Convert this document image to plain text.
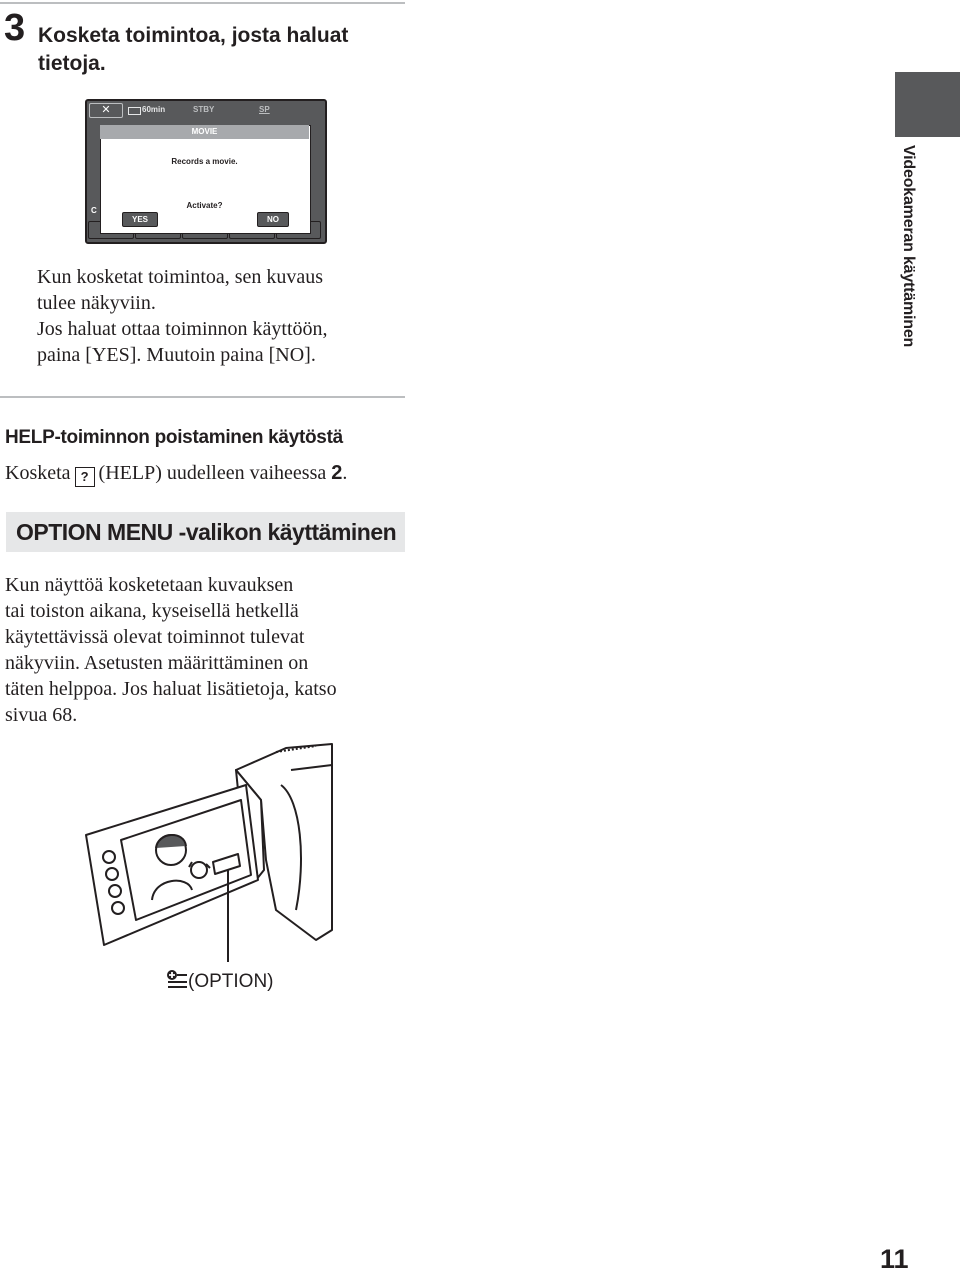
3 Kosketa toimintoa, josta haluat tietoja.
✕	60min	STBY	SP
C
MOVIE
Records a movie.
Activate?
YES	NO
Kun kosketat toimintoa, sen kuvaus
tulee näkyviin.
Jos haluat ottaa toiminnon käyttöön,
paina [YES]. Muutoin paina [NO].
Videokameran käyttäminen
HELP-toiminnon poistaminen käytöstä
Kosketa ? (HELP) uudelleen vaiheessa 2.
OPTION MENU -valikon käyttäminen
Kun näyttöä kosketetaan kuvauksen
tai toiston aikana, kyseisellä hetkellä
käytettävissä olevat toiminnot tulevat
näkyviin. Asetusten määrittäminen on
täten helppoa. Jos haluat lisätietoja, katso
sivua 68.
(OPTION)
11
